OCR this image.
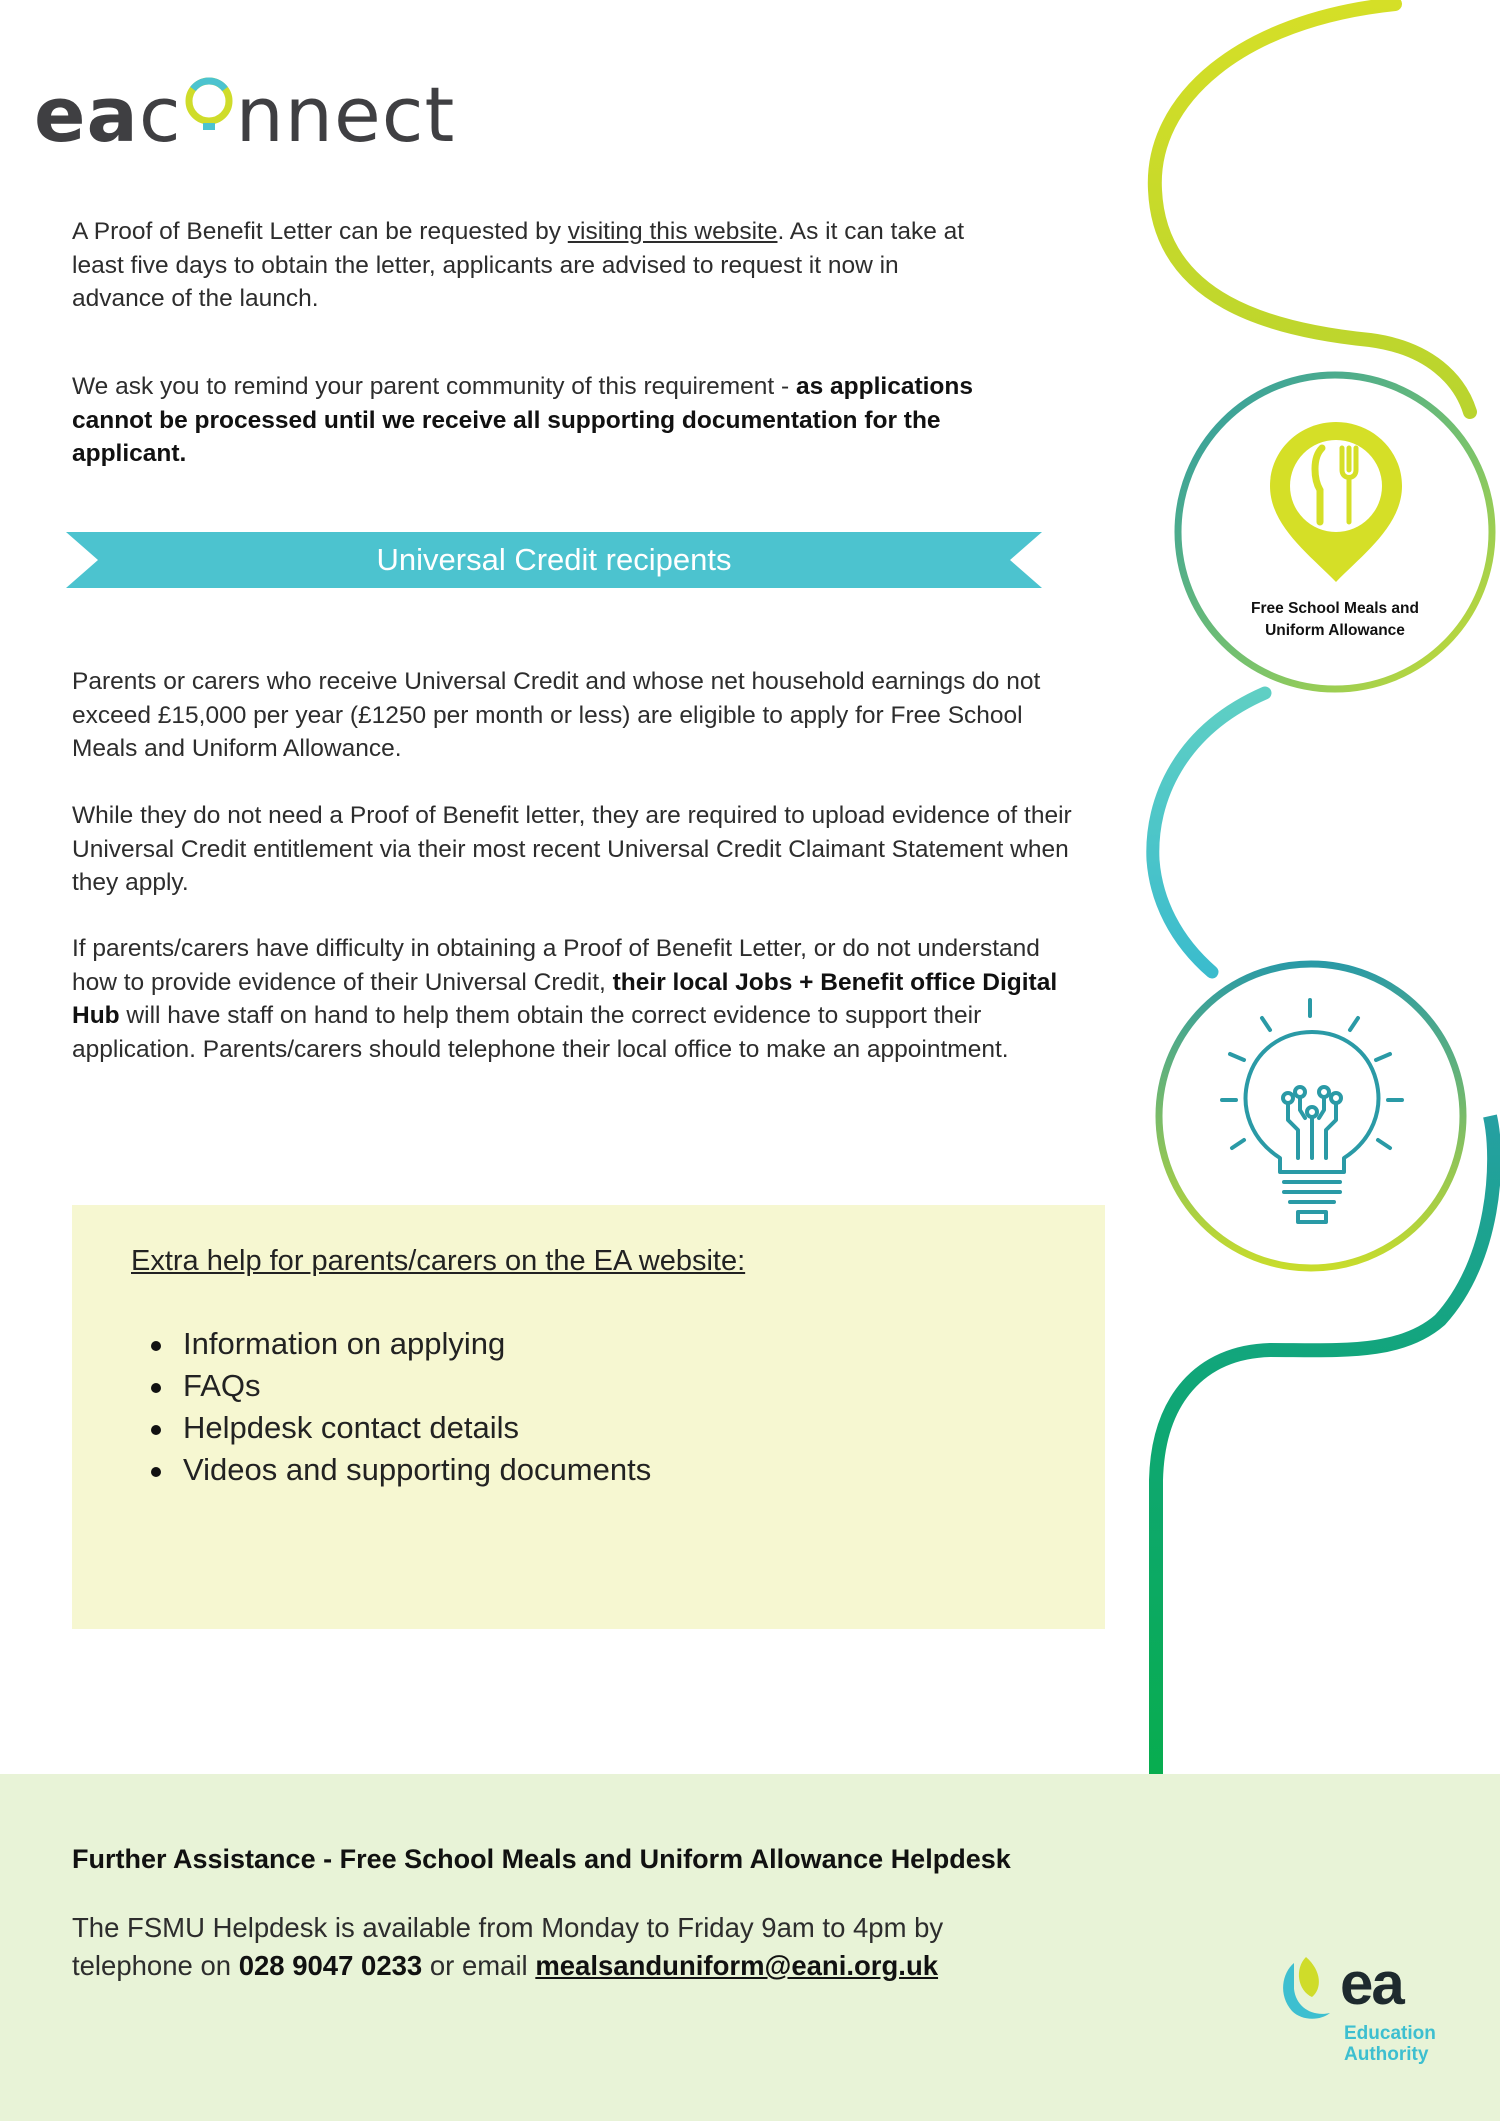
eac nnect
A Proof of Benefit Letter can be requested by visiting this website. As it can take at least five days to obtain the letter, applicants are advised to request it now in advance of the launch.
We ask you to remind your parent community of this requirement - as applications cannot be processed until we receive all supporting documentation for the applicant.
Universal Credit recipents
Parents or carers who receive Universal Credit and whose net household earnings do not exceed £15,000 per year (£1250 per month or less) are eligible to apply for Free School Meals and Uniform Allowance.
While they do not need a Proof of Benefit letter, they are required to upload evidence of their Universal Credit entitlement via their most recent Universal Credit Claimant Statement when they apply.
If parents/carers have difficulty in obtaining a Proof of Benefit Letter, or do not understand how to provide evidence of their Universal Credit, their local Jobs + Benefit office Digital Hub will have staff on hand to help them obtain the correct evidence to support their application. Parents/carers should telephone their local office to make an appointment.
Extra help for parents/carers on the EA website:
Information on applying
FAQs
Helpdesk contact details
Videos and supporting documents
Free School Meals and
Uniform Allowance
Further Assistance - Free School Meals and Uniform Allowance Helpdesk
The FSMU Helpdesk is available from Monday to Friday 9am to 4pm by
telephone on 028 9047 0233 or email mealsanduniform@eani.org.uk	ea
Education
Authority
